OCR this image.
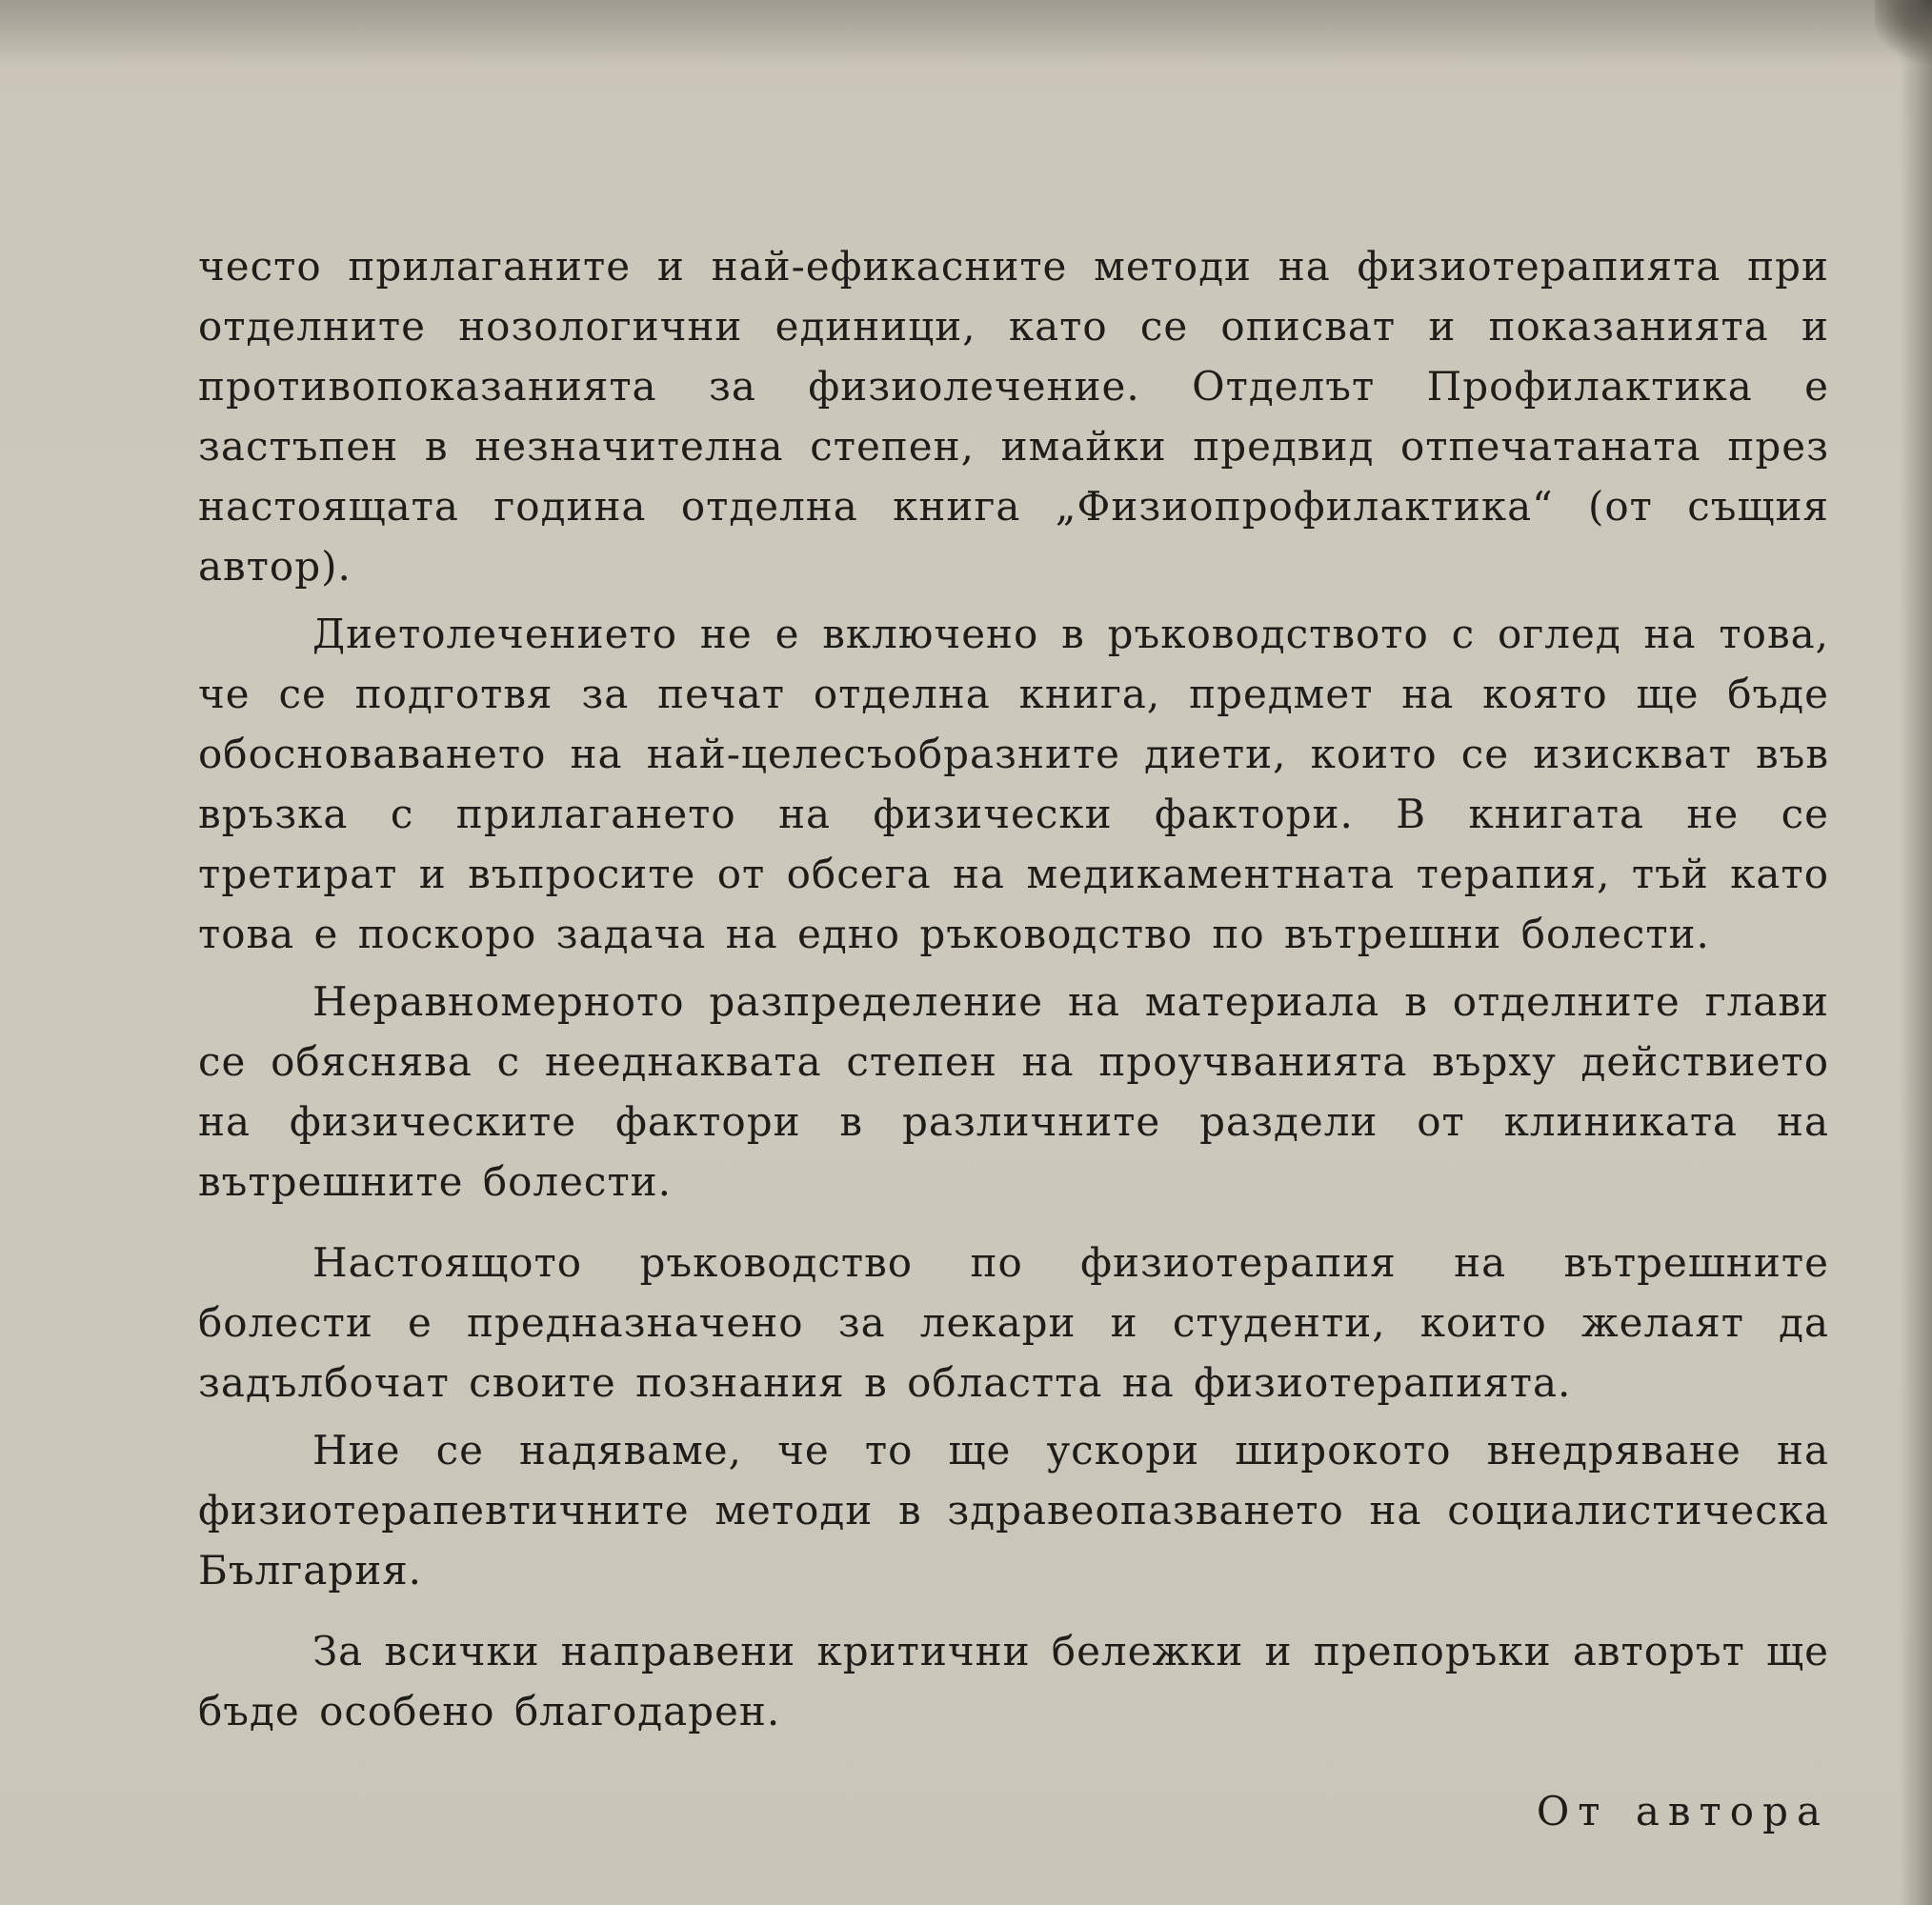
често прилаганите и най-ефикасните методи на физиотерапията при отделните нозологични единици, като се описват и показанията и противопоказанията за физиолечение. Отделът Профилактика е застъпен в незначителна степен, имайки предвид отпечатаната през настоящата година отделна книга „Физиопрофилактика“ (от същия автор).

Диетолечението не е включено в ръководството с оглед на това, че се подготвя за печат отделна книга, предмет на която ще бъде обосноваването на най-целесъобразните диети, които се изискват във връзка с прилагането на физически фактори. В книгата не се третират и въпросите от обсега на медикаментната терапия, тъй като това е поскоро задача на едно ръководство по вътрешни болести.

Неравномерното разпределение на материала в отделните глави се обяснява с нееднаквата степен на проучванията върху действието на физическите фактори в различните раздели от клиниката на вътрешните болести.

Настоящото ръководство по физиотерапия на вътрешните болести е предназначено за лекари и студенти, които желаят да задълбочат своите познания в областта на физиотерапията.

Ние се надяваме, че то ще ускори широкото внедряване на физиотерапевтичните методи в здравеопазването на социалистическа България.

За всички направени критични бележки и препоръки авторът ще бъде особено благодарен.

От автора
